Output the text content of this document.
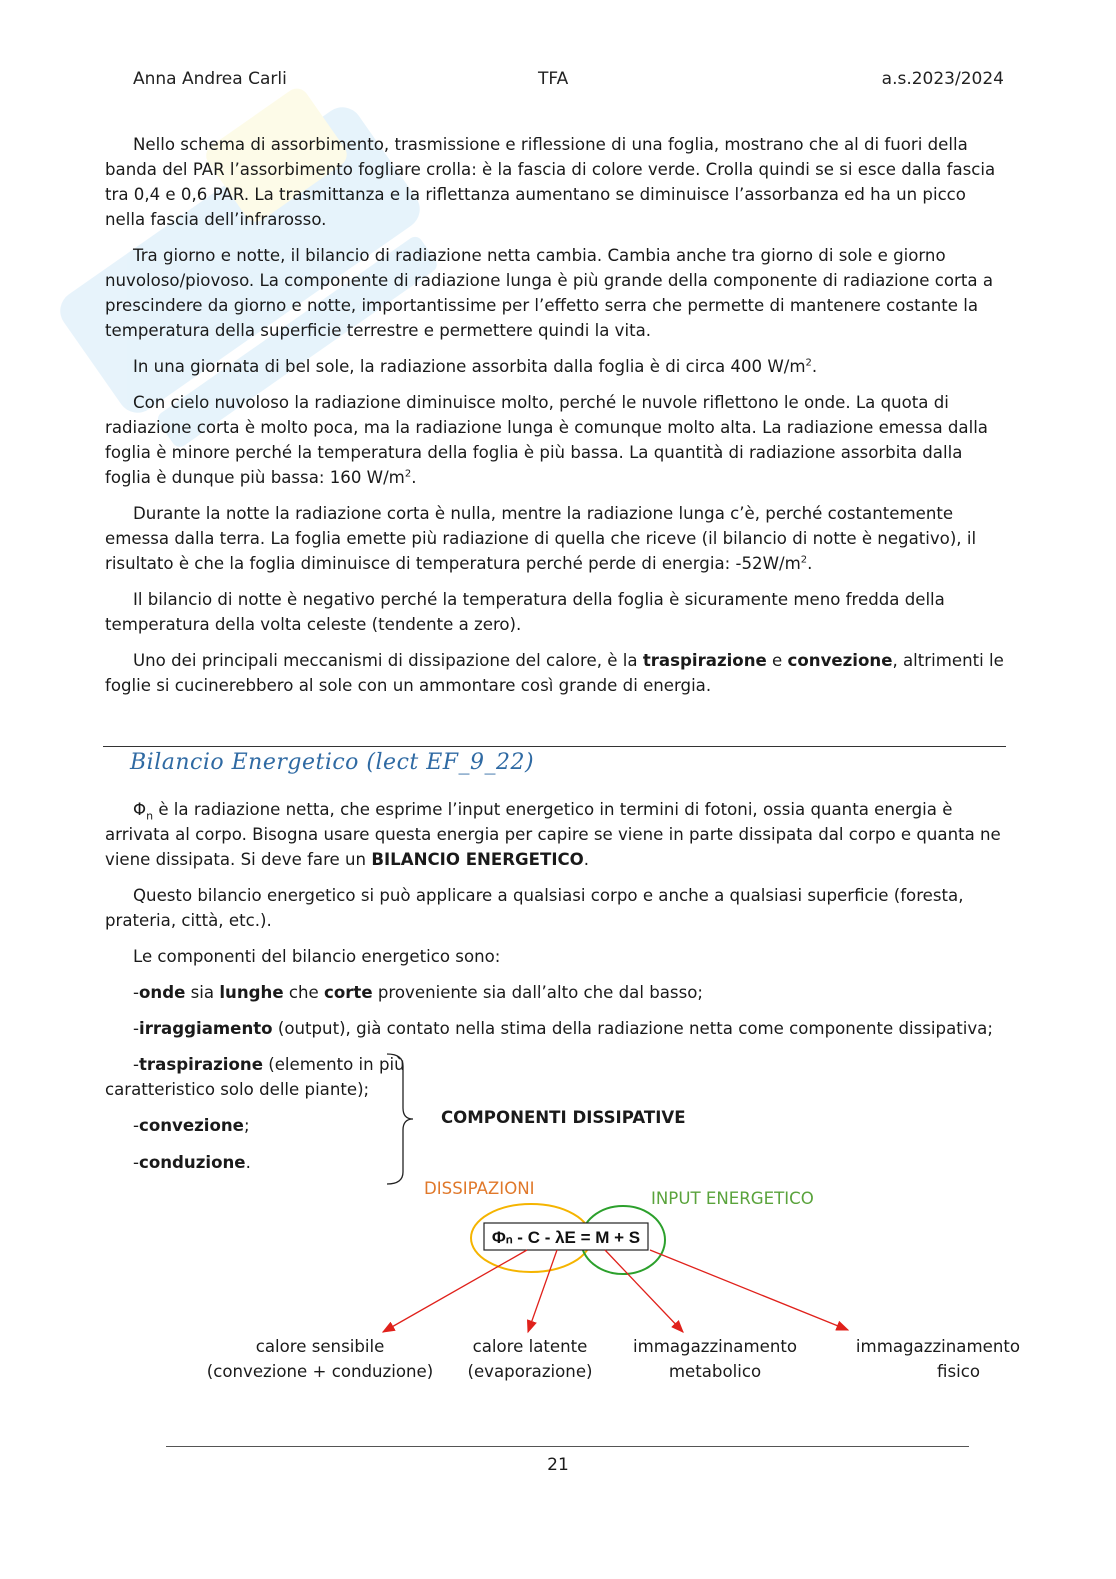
Anna Andrea Carli	TFA	a.s.2023/2024

Nello schema di assorbimento, trasmissione e riflessione di una foglia, mostrano che al di fuori della banda del PAR l’assorbimento fogliare crolla: è la fascia di colore verde. Crolla quindi se si esce dalla fascia tra 0,4 e 0,6 PAR. La trasmittanza e la riflettanza aumentano se diminuisce l’assorbanza ed ha un picco nella fascia dell’infrarosso.

Tra giorno e notte, il bilancio di radiazione netta cambia. Cambia anche tra giorno di sole e giorno nuvoloso/piovoso. La componente di radiazione lunga è più grande della componente di radiazione corta a prescindere da giorno e notte, importantissime per l’effetto serra che permette di mantenere costante la temperatura della superficie terrestre e permettere quindi la vita.

In una giornata di bel sole, la radiazione assorbita dalla foglia è di circa 400 $W/m^2$.

Con cielo nuvoloso la radiazione diminuisce molto, perché le nuvole riflettono le onde. La quota di radiazione corta è molto poca, ma la radiazione lunga è comunque molto alta. La radiazione emessa dalla foglia è minore perché la temperatura della foglia è più bassa. La quantità di radiazione assorbita dalla foglia è dunque più bassa: 160 $W/m^2$.

Durante la notte la radiazione corta è nulla, mentre la radiazione lunga c’è, perché costantemente emessa dalla terra. La foglia emette più radiazione di quella che riceve (il bilancio di notte è negativo), il risultato è che la foglia diminuisce di temperatura perché perde di energia: $-52W/m^2$.

Il bilancio di notte è negativo perché la temperatura della foglia è sicuramente meno fredda della temperatura della volta celeste (tendente a zero).

Uno dei principali meccanismi di dissipazione del calore, è la traspirazione e convezione, altrimenti le foglie si cucinerebbero al sole con un ammontare così grande di energia.

Bilancio Energetico (lect EF_9_22)

$\Phi_n$ è la radiazione netta, che esprime l’input energetico in termini di fotoni, ossia quanta energia è arrivata al corpo. Bisogna usare questa energia per capire se viene in parte dissipata dal corpo e quanta ne viene dissipata. Si deve fare un BILANCIO ENERGETICO.

Questo bilancio energetico si può applicare a qualsiasi corpo e anche a qualsiasi superficie (foresta, prateria, città, etc.).

Le componenti del bilancio energetico sono:

-onde sia lunghe che corte proveniente sia dall’alto che dal basso;

-irraggiamento (output), già contato nella stima della radiazione netta come componente dissipativa;

-traspirazione (elemento in più
caratteristico solo delle piante);
-convezione;
-conduzione.
COMPONENTI DISSIPATIVE
DISSIPAZIONI
INPUT ENERGETICO
Φₙ - C - λE = M + S
calore sensibile
(convezione + conduzione)
calore latente
(evaporazione)
immagazzinamento
metabolico
immagazzinamento
fisico
21
